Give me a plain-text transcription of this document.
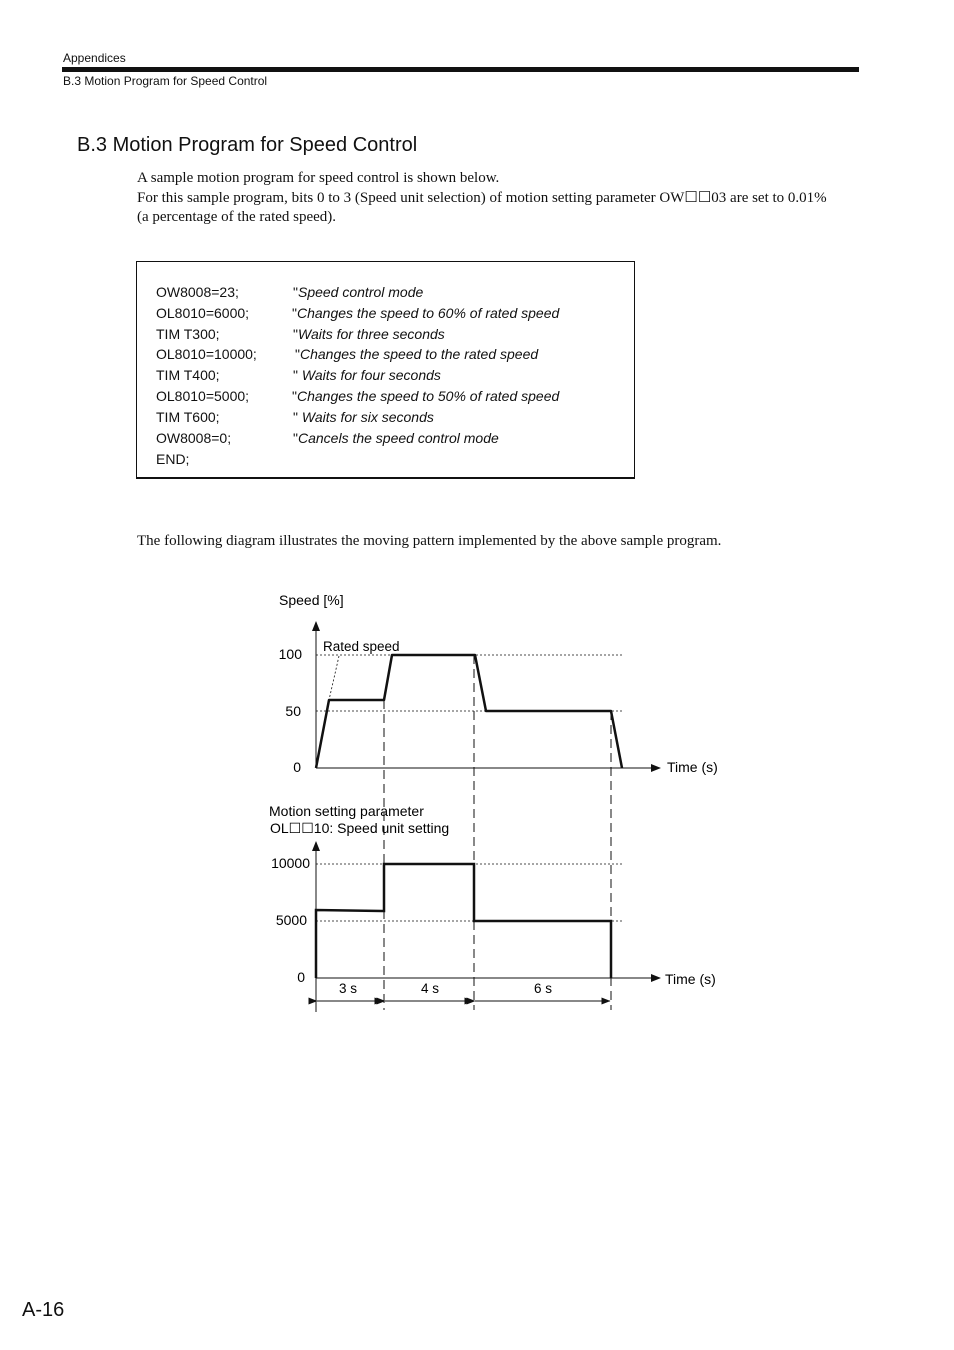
Appendices
B.3 Motion Program for Speed Control
B.3 Motion Program for Speed Control
A sample motion program for speed control is shown below.
For this sample program, bits 0 to 3 (Speed unit selection) of motion setting parameter OW☐☐03 are set to 0.01% (a percentage of the rated speed).
OW8008=23;	"Speed control mode
OL8010=6000;	"Changes the speed to 60% of rated speed
TIM T300;	"Waits for three seconds
OL8010=10000;	"Changes the speed to the rated speed
TIM T400;	" Waits for four seconds
OL8010=5000;	"Changes the speed to 50% of rated speed
TIM T600;	" Waits for six seconds
OW8008=0;	"Cancels the speed control mode
END;
The following diagram illustrates the moving pattern implemented by the above sample program.
Speed [%]
Time (s)
100
50
0
Rated speed
Motion setting parameter
OL☐☐10: Speed unit setting
Time (s)
10000
5000
0
3 s	4 s	6 s
A-16
